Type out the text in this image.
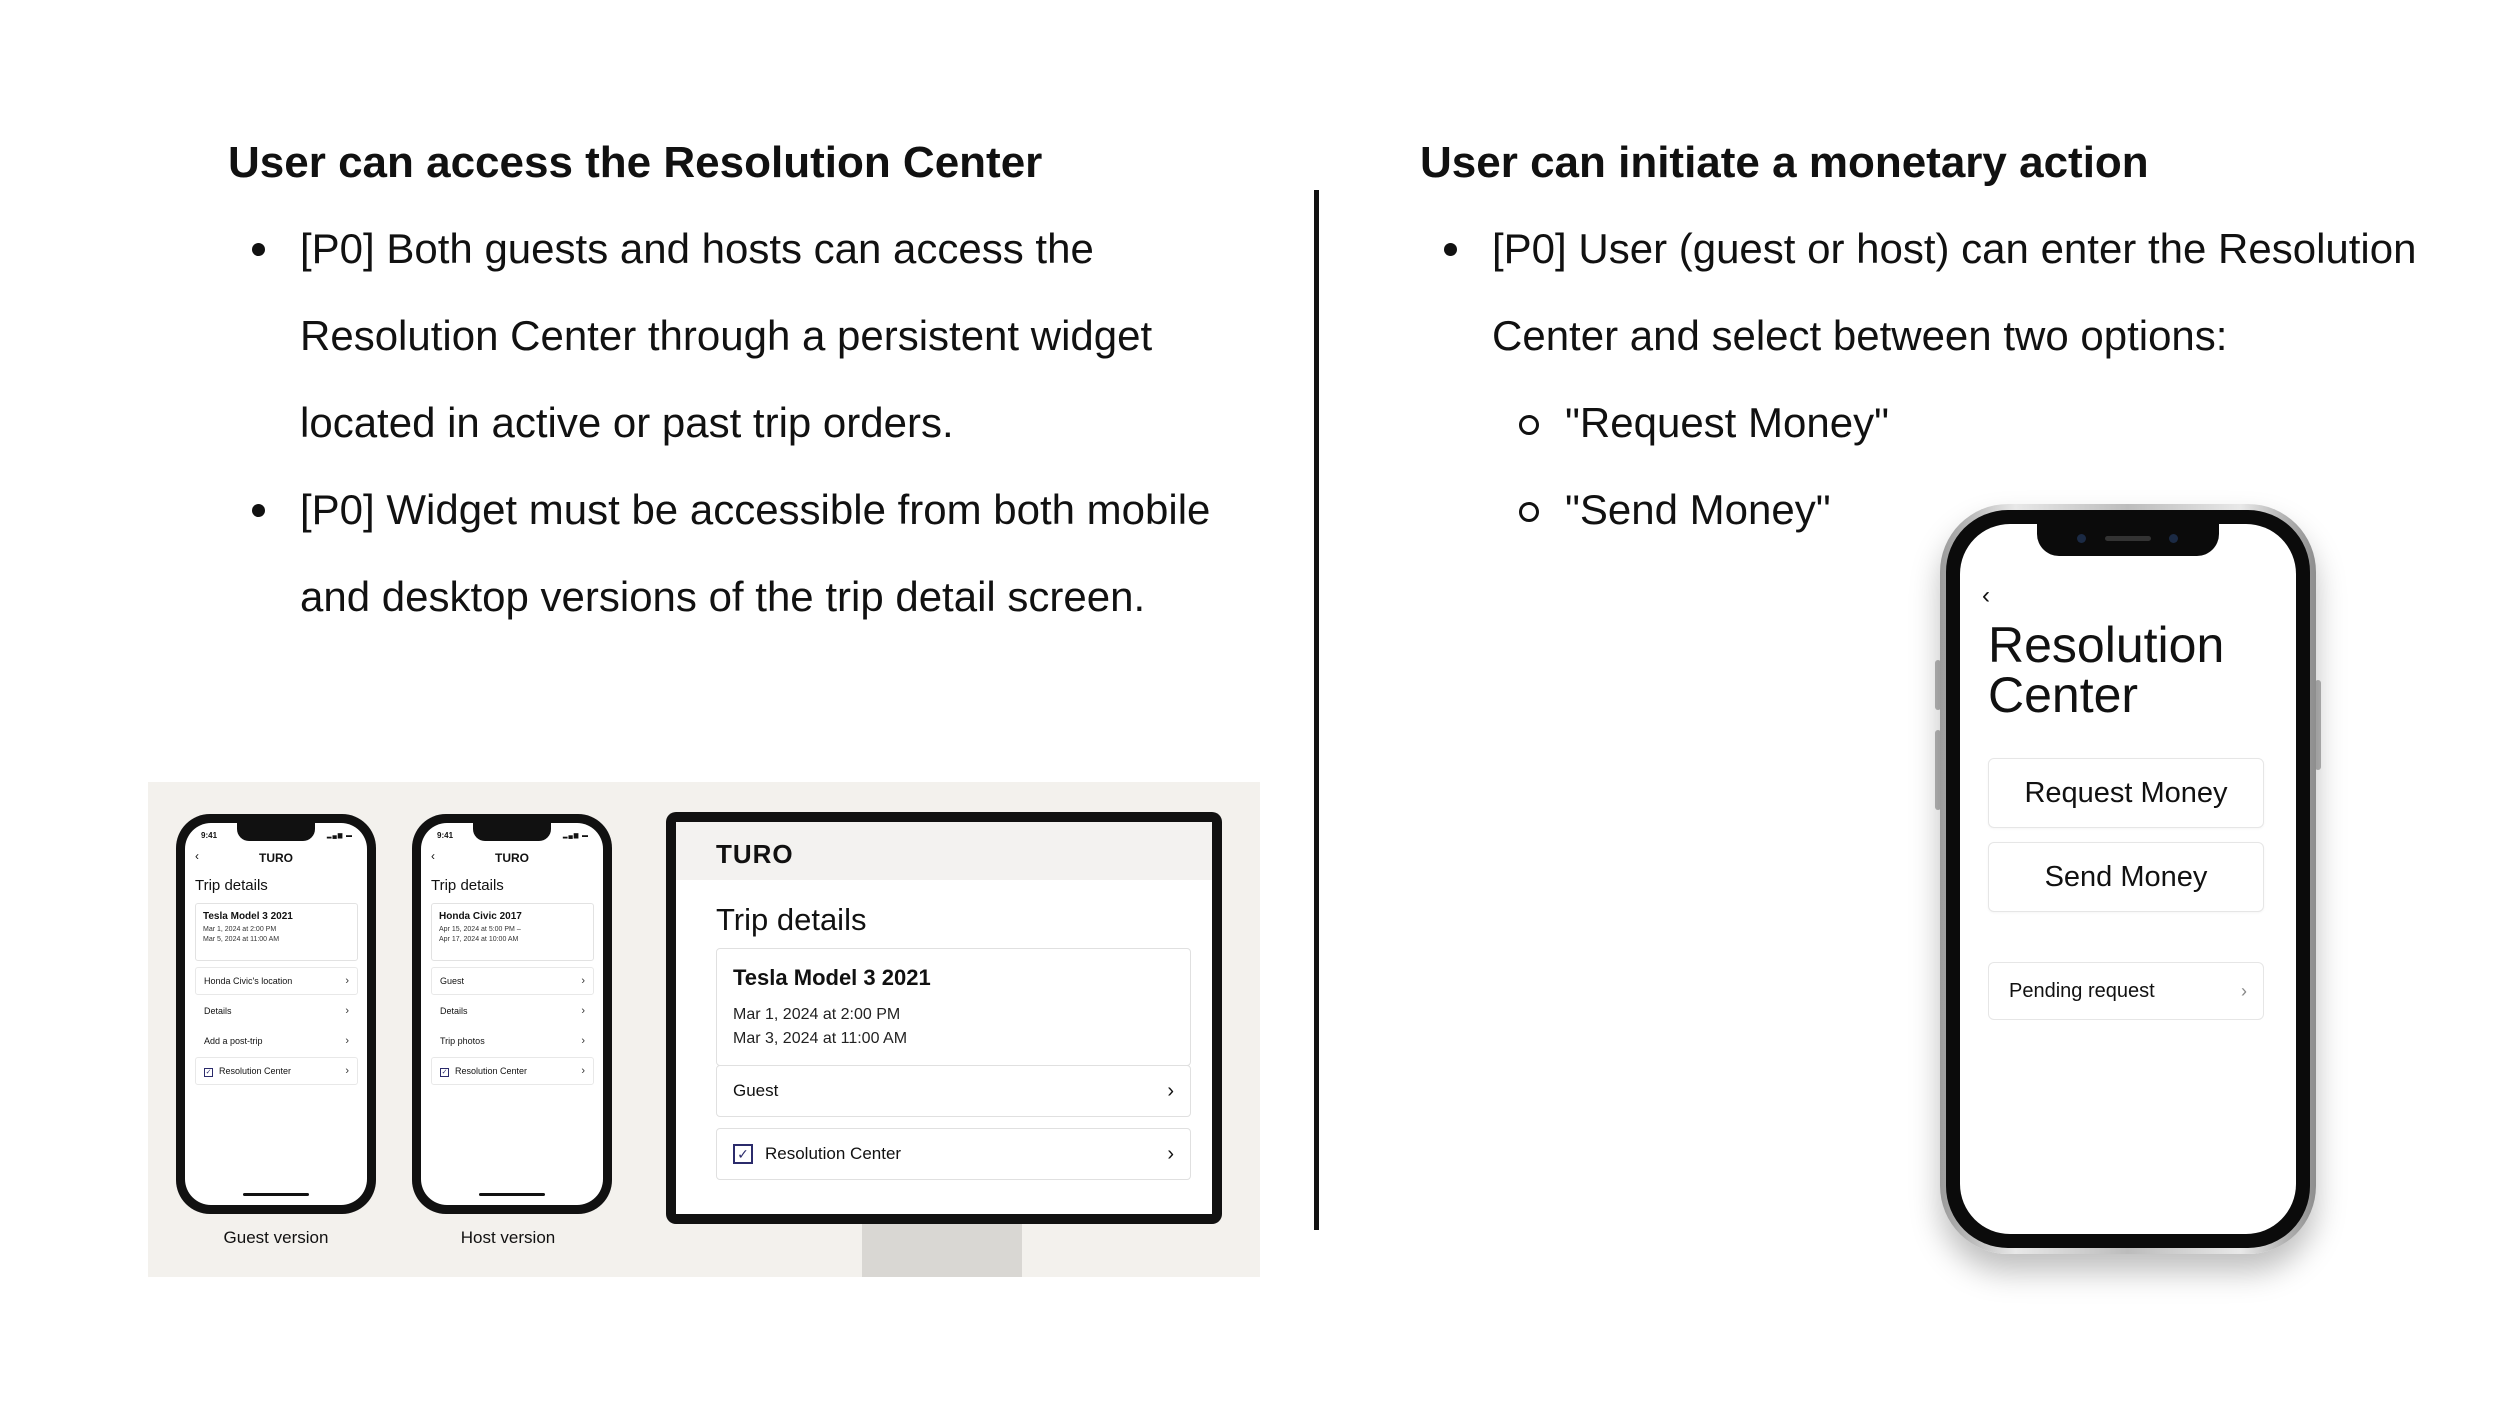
User can access the Resolution Center
[P0] Both guests and hosts can access the
Resolution Center through a persistent widget
located in active or past trip orders.
[P0] Widget must be accessible from both mobile
and desktop versions of the trip detail screen.
User can initiate a monetary action
[P0] User (guest or host) can enter the Resolution
Center and select between two options:
"Request Money"
"Send Money"
9:41	▂▄▆ ▬
‹	TURO
Trip details
Tesla Model 3 2021
Mar 1, 2024 at 2:00 PM
Mar 5, 2024 at 11:00 AM
Honda Civic's location	›
Details	›
Add a post-trip	›
✓ Resolution Center	›
Guest version
9:41	▂▄▆ ▬
‹	TURO
Trip details
Honda Civic 2017
Apr 15, 2024 at 5:00 PM –
Apr 17, 2024 at 10:00 AM
Guest	›
Details	›
Trip photos	›
✓ Resolution Center	›
Host version
TURO
Trip details
Tesla Model 3 2021
Mar 1, 2024 at 2:00 PM
Mar 3, 2024 at 11:00 AM
Guest	›
✓ Resolution Center	›
‹
Resolution
Center
Request Money
Send Money
Pending request	›
